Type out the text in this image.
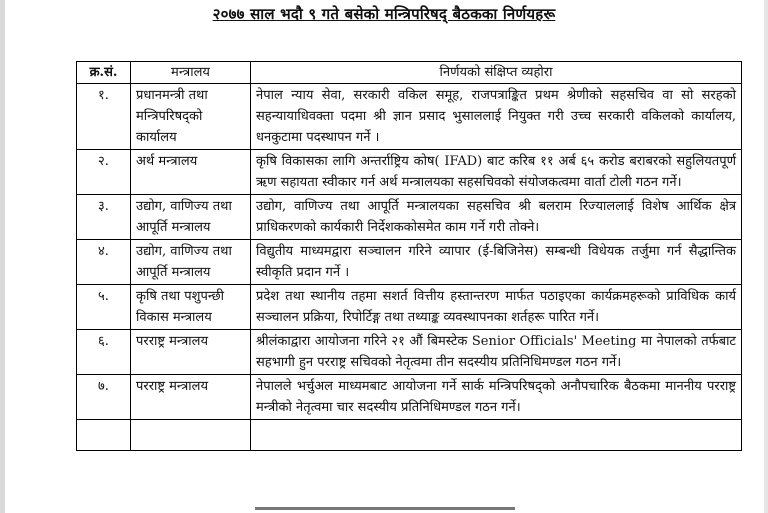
२०७७ साल भदौ ९ गते बसेको मन्त्रिपरिषद् बैठकका निर्णयहरू
क्र.सं.	मन्त्रालय	निर्णयको संक्षिप्त व्यहोरा
१.	प्रधानमन्त्री तथा मन्त्रिपरिषद्को कार्यालय	नेपाल न्याय सेवा, सरकारी वकिल समूह, राजपत्राङ्कित प्रथम श्रेणीको सहसचिव वा सो सरहको सहन्यायाधिवक्ता पदमा श्री ज्ञान प्रसाद भुसाललाई नियुक्त गरी उच्च सरकारी वकिलको कार्यालय, धनकुटामा पदस्थापन गर्ने ।
२.	अर्थ मन्त्रालय	कृषि विकासका लागि अन्तर्राष्ट्रिय कोष( IFAD) बाट करिब ११ अर्ब ६५ करोड बराबरको सहुलियतपूर्ण ऋण सहायता स्वीकार गर्न अर्थ मन्त्रालयका सहसचिवको संयोजकत्वमा वार्ता टोली गठन गर्ने।
३.	उद्योग, वाणिज्य तथा आपूर्ति मन्त्रालय	उद्योग, वाणिज्य तथा आपूर्ति मन्त्रालयका सहसचिव श्री बलराम रिज्याललाई विशेष आर्थिक क्षेत्र प्राधिकरणको कार्यकारी निर्देशककोसमेत काम गर्ने गरी तोक्ने।
४.	उद्योग, वाणिज्य तथा आपूर्ति मन्त्रालय	विद्युतीय माध्यमद्वारा सञ्चालन गरिने व्यापार (ई-बिजिनेस) सम्बन्धी विधेयक तर्जुमा गर्न सैद्धान्तिक स्वीकृति प्रदान गर्ने ।
५.	कृषि तथा पशुपन्छी विकास मन्त्रालय	प्रदेश तथा स्थानीय तहमा सशर्त वित्तीय हस्तान्तरण मार्फत पठाइएका कार्यक्रमहरूको प्राविधिक कार्य सञ्चालन प्रक्रिया, रिपोर्टिङ्ग तथा तथ्याङ्क व्यवस्थापनका शर्तहरू पारित गर्ने।
६.	परराष्ट्र मन्त्रालय	श्रीलंकाद्वारा आयोजना गरिने २१ औं बिमस्टेक Senior Officials' Meeting मा नेपालको तर्फबाट सहभागी हुन परराष्ट्र सचिवको नेतृत्वमा तीन सदस्यीय प्रतिनिधिमण्डल गठन गर्ने।
७.	परराष्ट्र मन्त्रालय	नेपालले भर्चुअल माध्यमबाट आयोजना गर्ने सार्क मन्त्रिपरिषद्को अनौपचारिक बैठकमा माननीय परराष्ट्र मन्त्रीको नेतृत्वमा चार सदस्यीय प्रतिनिधिमण्डल गठन गर्ने।
